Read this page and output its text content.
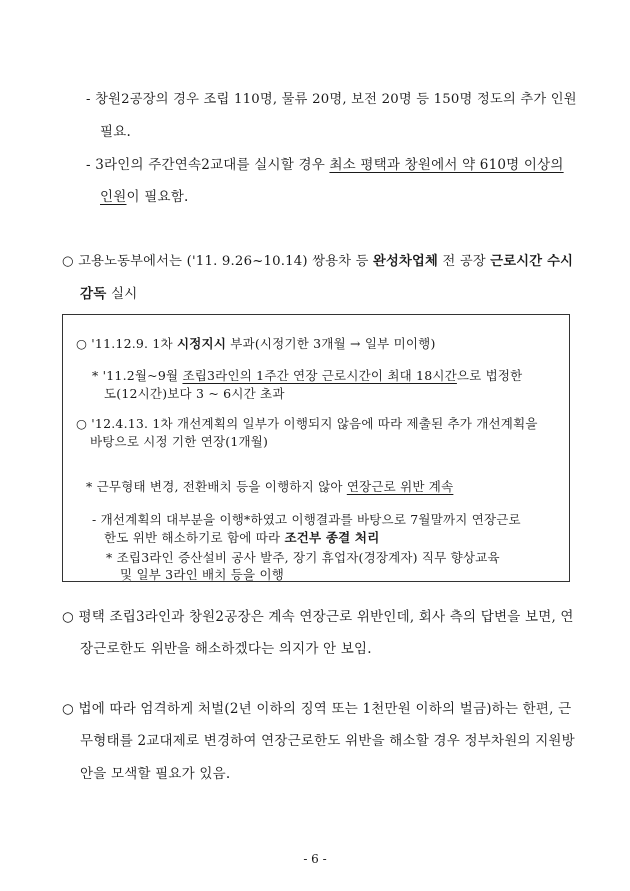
- 창원2공장의 경우 조립 110명, 물류 20명, 보전 20명 등 150명 정도의 추가 인원
필요.
- 3라인의 주간연속2교대를 실시할 경우 최소 평택과 창원에서 약 610명 이상의
인원이 필요함.
○ 고용노동부에서는 ('11. 9.26~10.14) 쌍용차 등 완성차업체 전 공장 근로시간 수시
감독 실시
○ '11.12.9. 1차 시정지시 부과(시정기한 3개월 → 일부 미이행)
* '11.2월~9월 조립3라인의 1주간 연장 근로시간이 최대 18시간으로 법정한
도(12시간)보다 3 ~ 6시간 초과
○ '12.4.13. 1차 개선계획의 일부가 이행되지 않음에 따라 제출된 추가 개선계획을
바탕으로 시정 기한 연장(1개월)
* 근무형태 변경, 전환배치 등을 이행하지 않아 연장근로 위반 계속
- 개선계획의 대부분을 이행*하였고 이행결과를 바탕으로 7월말까지 연장근로
한도 위반 해소하기로 함에 따라 조건부 종결 처리
* 조립3라인 증산설비 공사 발주, 장기 휴업자(경장계자) 직무 향상교육
및 일부 3라인 배치 등을 이행
○ 평택 조립3라인과 창원2공장은 계속 연장근로 위반인데, 회사 측의 답변을 보면, 연
장근로한도 위반을 해소하겠다는 의지가 안 보임.
○ 법에 따라 엄격하게 처벌(2년 이하의 징역 또는 1천만원 이하의 벌금)하는 한편, 근
무형태를 2교대제로 변경하여 연장근로한도 위반을 해소할 경우 정부차원의 지원방
안을 모색할 필요가 있음.
- 6 -
